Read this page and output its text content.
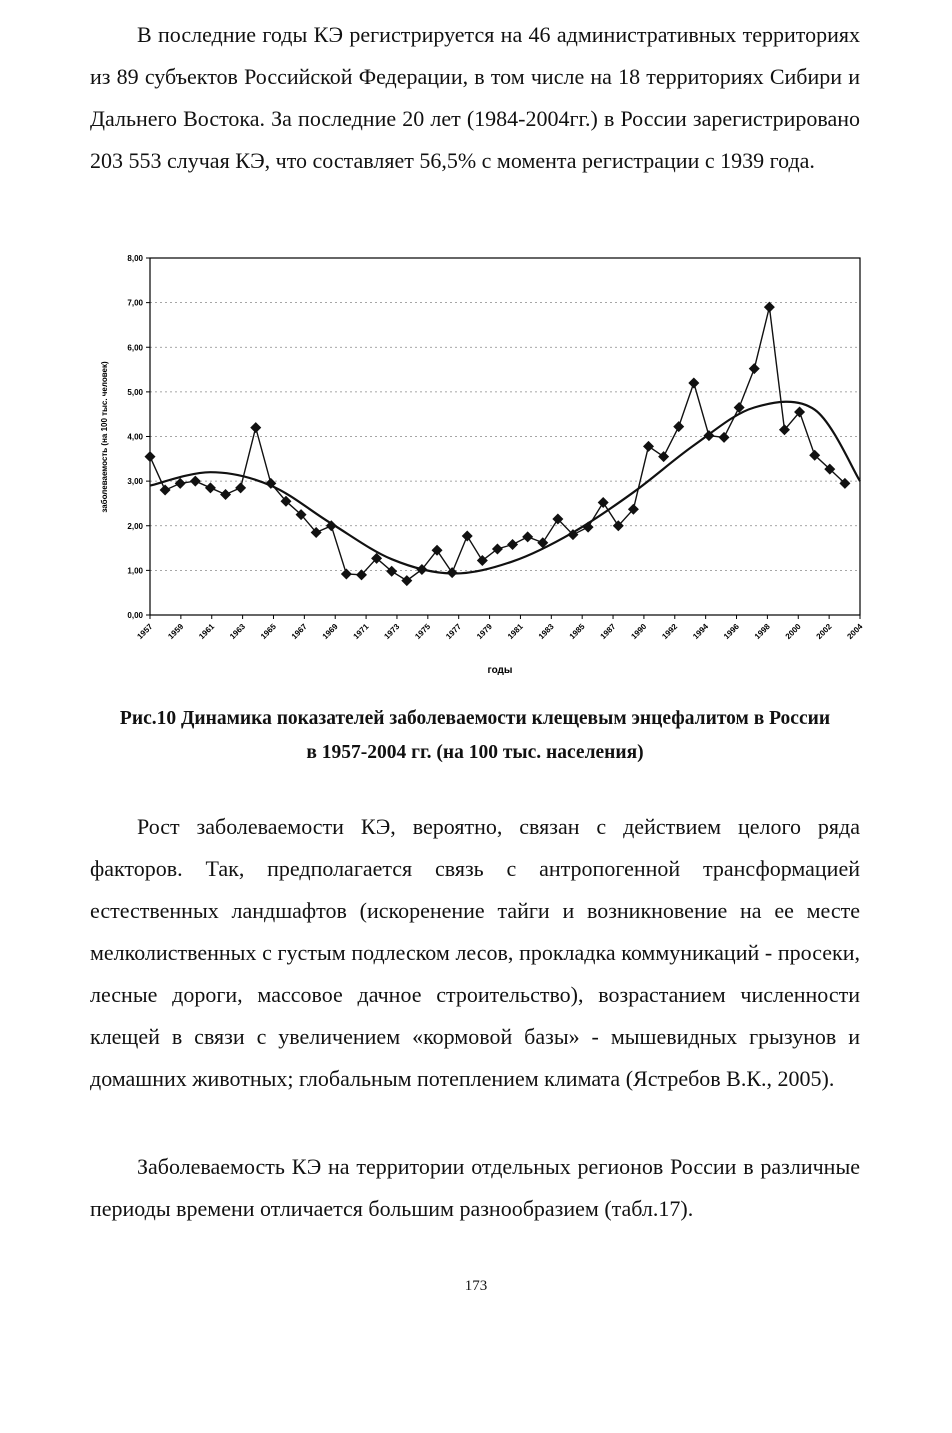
В последние годы КЭ регистрируется на 46 административных территориях из 89 субъектов Российской Федерации, в том числе на 18 территориях Сибири и Дальнего Востока. За последние 20 лет (1984-2004гг.) в России зарегистрировано 203 553 случая КЭ, что составляет 56,5% с момента регистрации с 1939 года.

0,00
1,00
2,00
3,00
4,00
5,00
6,00
7,00
8,00
1957 1959 1961 1963 1965 1967 1969 1971 1973 1975 1977 1979 1981 1983 1985 1987 1990 1992 1994 1996 1998 2000 2002 2004
годы
заболеваемость (на 100 тыс. человек)
Рис.10 Динамика показателей заболеваемости клещевым энцефалитом в России
в 1957-2004 гг. (на 100 тыс. населения)

Рост заболеваемости КЭ, вероятно, связан с действием целого ряда факторов. Так, предполагается связь с антропогенной трансформацией естественных ландшафтов (искоренение тайги и возникновение на ее месте мелколиственных с густым подлеском лесов, прокладка коммуникаций - просеки, лесные дороги, массовое дачное строительство), возрастанием численности клещей в связи с увеличением «кормовой базы» - мышевидных грызунов и домашних животных; глобальным потеплением климата (Ястребов В.К., 2005).

Заболеваемость КЭ на территории отдельных регионов России в различные периоды времени отличается большим разнообразием (табл.17).

173
